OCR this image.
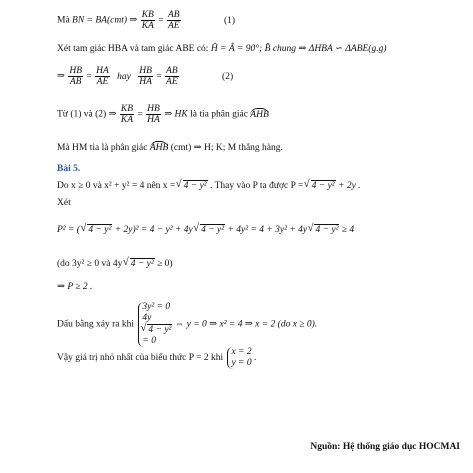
Mà BN = BA(cmt) ⇒ $\frac{KB}{KA} = \frac{AB}{AE}$	(1)
Xét tam giác HBA và tam giác ABE có: Ĥ = Â = 90°; B̂ chung ⇒ ΔHBA ∽ ΔABE(g.g)
⇒ $\frac{HB}{AB} = \frac{HA}{AE}$ hay $\frac{HB}{HA} = \frac{AB}{AE}$	(2)
Từ (1) và (2) ⇒ $\frac{KB}{KA} = \frac{HB}{HA}$ ⇒ HK là tia phân giác AHB
Mà HM tia là phân giác AHB (cmt) ⇒ H; K; M thẳng hàng.
Bài 5.
Do x ≥ 0 và x² + y² = 4 nên x = √ 4 − y² . Thay vào P ta được P = √ 4 − y² + 2y .
Xét
P² = ( √ 4 − y² + 2y)² = 4 − y² + 4y √ 4 − y² + 4y² = 4 + 3y² + 4y √ 4 − y² ≥ 4
(do 3y² ≥ 0 và 4y √ 4 − y² ≥ 0)
⇒ P ≥ 2 .
Dấu bằng xảy ra khi
3y² = 0
4y
√ 4 − y²
= 0
⇔ y = 0 ⇒ x² = 4 ⇒ x = 2 (do x ≥ 0).
Vậy giá trị nhỏ nhất của biểu thức P = 2 khi
x = 2
y = 0 .
Nguồn: Hệ thống giáo dục HOCMAI
